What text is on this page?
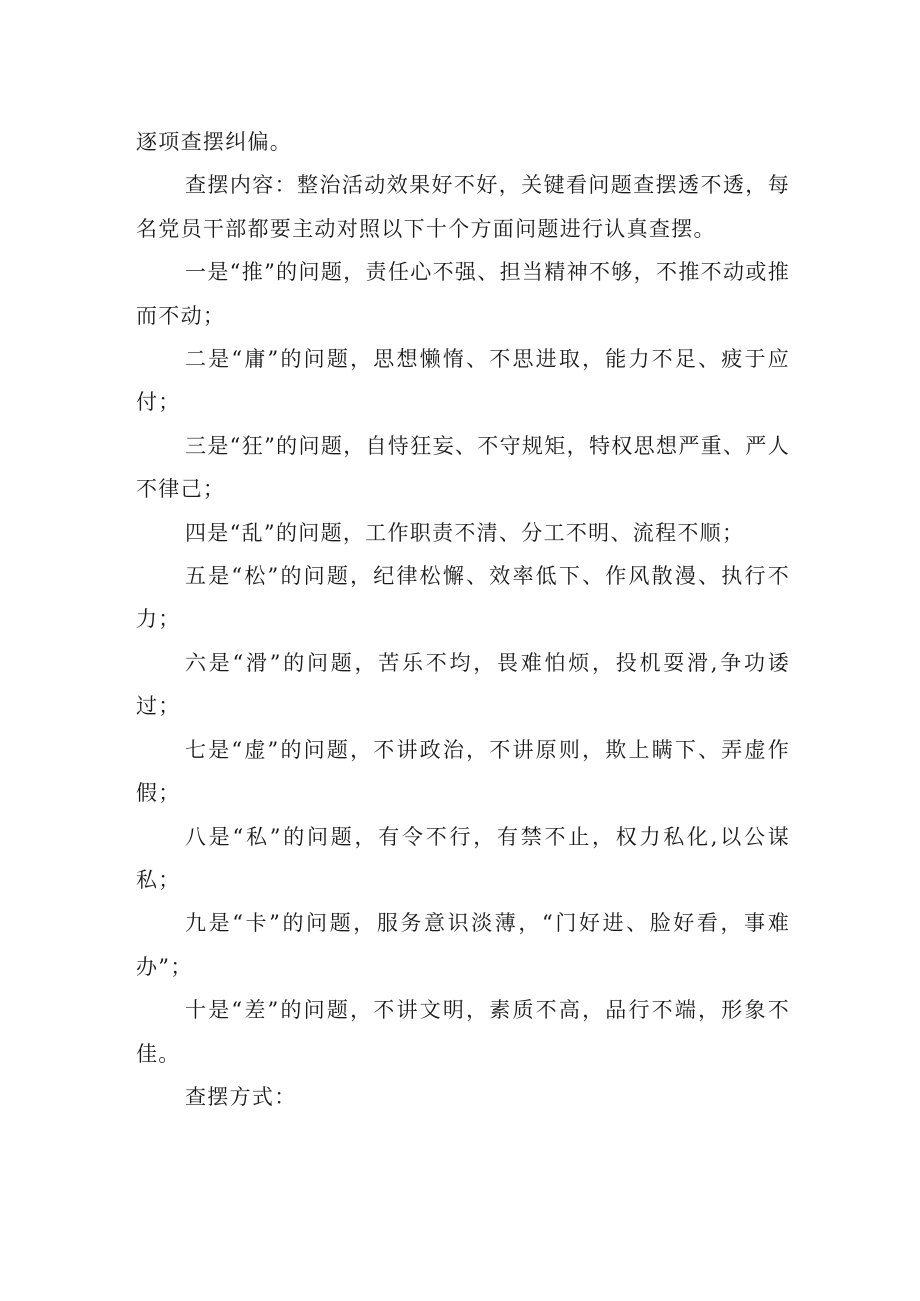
逐项查摆纠偏。

查摆内容：整治活动效果好不好，关键看问题查摆透不透，每名党员干部都要主动对照以下十个方面问题进行认真查摆。

一是“推”的问题，责任心不强、担当精神不够，不推不动或推而不动；

二是“庸”的问题，思想懒惰、不思进取，能力不足、疲于应付；

三是“狂”的问题，自恃狂妄、不守规矩，特权思想严重、严人不律己；

四是“乱”的问题，工作职责不清、分工不明、流程不顺；

五是“松”的问题，纪律松懈、效率低下、作风散漫、执行不力；

六是“滑”的问题，苦乐不均，畏难怕烦，投机耍滑,争功诿过；

七是“虚”的问题，不讲政治，不讲原则，欺上瞒下、弄虚作假；

八是“私”的问题，有令不行，有禁不止，权力私化,以公谋私；

九是“卡”的问题，服务意识淡薄，“门好进、脸好看，事难办”；

十是“差”的问题，不讲文明，素质不高，品行不端，形象不佳。

查摆方式：
